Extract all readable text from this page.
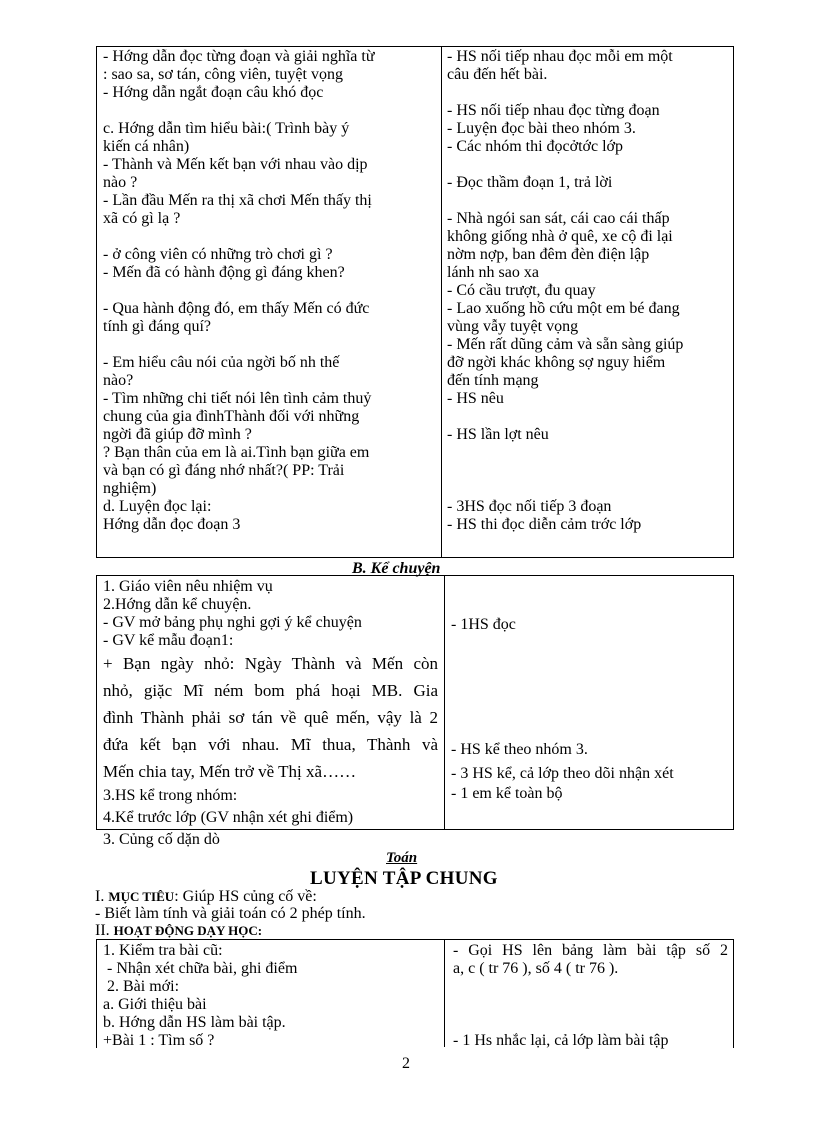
- Hớng dẫn đọc từng đoạn và giải nghĩa từ
: sao sa, sơ tán, công viên, tuyệt vọng
- Hớng dẫn ngắt đoạn câu khó đọc
c. Hớng dẫn tìm hiểu bài:( Trình bày ý
kiến cá nhân)
- Thành và Mến kết bạn với nhau vào dịp
nào ?
- Lần đầu Mến ra thị xã chơi Mến thấy thị
xã có gì lạ ?
- ở công viên có những trò chơi gì ?
- Mến đã có hành động gì đáng khen?
- Qua hành động đó, em thấy Mến có đức
tính gì đáng quí?
- Em hiểu câu nói của ngời bố nh thế
nào?
- Tìm những chi tiết nói lên tình cảm thuỷ
chung của gia đìnhThành đối với những
ngời đã giúp đỡ mình ?
? Bạn thân của em là ai.Tình bạn giữa em
và bạn có gì đáng nhớ nhất?( PP: Trải
nghiệm)
d. Luyện đọc lại:
Hớng dẫn đọc đoạn 3
- HS nối tiếp nhau đọc mỗi em một
câu đến hết bài.
- HS nối tiếp nhau đọc từng đoạn
- Luyện đọc bài theo nhóm 3.
- Các nhóm thi đọcởtớc lớp
- Đọc thầm đoạn 1, trả lời
- Nhà ngói san sát, cái cao cái thấp
không giống nhà ở quê, xe cộ đi lại
nờm nợp, ban đêm đèn điện lập
lánh nh sao xa
- Có cầu trượt, đu quay
- Lao xuống hồ cứu một em bé đang
vùng vẫy tuyệt vọng
- Mến rất dũng cảm và sẵn sàng giúp
đỡ ngời khác không sợ nguy hiểm
đến tính mạng
- HS nêu
- HS lần lợt nêu
- 3HS đọc nối tiếp 3 đoạn
- HS thi đọc diễn cảm trớc lớp
B. Kể chuyện
1. Giáo viên nêu nhiệm vụ
2.Hớng dẫn kể chuyện.
- GV mở bảng phụ nghi gợi ý kể chuyện
- GV kể mẫu đoạn1:
+ Bạn ngày nhỏ: Ngày Thành và Mến còn
nhỏ, giặc Mĩ ném bom phá hoại MB. Gia
đình Thành phải sơ tán về quê mến, vậy là 2
đứa kết bạn với nhau. Mĩ thua, Thành và
Mến chia tay, Mến trở về Thị xã……
3.HS kể trong nhóm:
4.Kể trước lớp (GV nhận xét ghi điểm)
3. Củng cố dặn dò
- 1HS đọc
- HS kể theo nhóm 3.
- 3 HS kể, cả lớp theo dõi nhận xét
- 1 em kể toàn bộ
Toán
LUYỆN TẬP CHUNG
I. MỤC TIÊU: Giúp HS củng cố về:
- Biết làm tính và giải toán có 2 phép tính.
II. HOẠT ĐỘNG DẠY HỌC:
1. Kiểm tra bài cũ:
- Nhận xét chữa bài, ghi điểm
2. Bài mới:
a. Giới thiệu bài
b. Hớng dẫn HS làm bài tập.
+Bài 1 : Tìm số ?
- Gọi HS lên bảng làm bài tập số 2
a, c ( tr 76 ), số 4 ( tr 76 ).
- 1 Hs nhắc lại, cả lớp làm bài tập
2
